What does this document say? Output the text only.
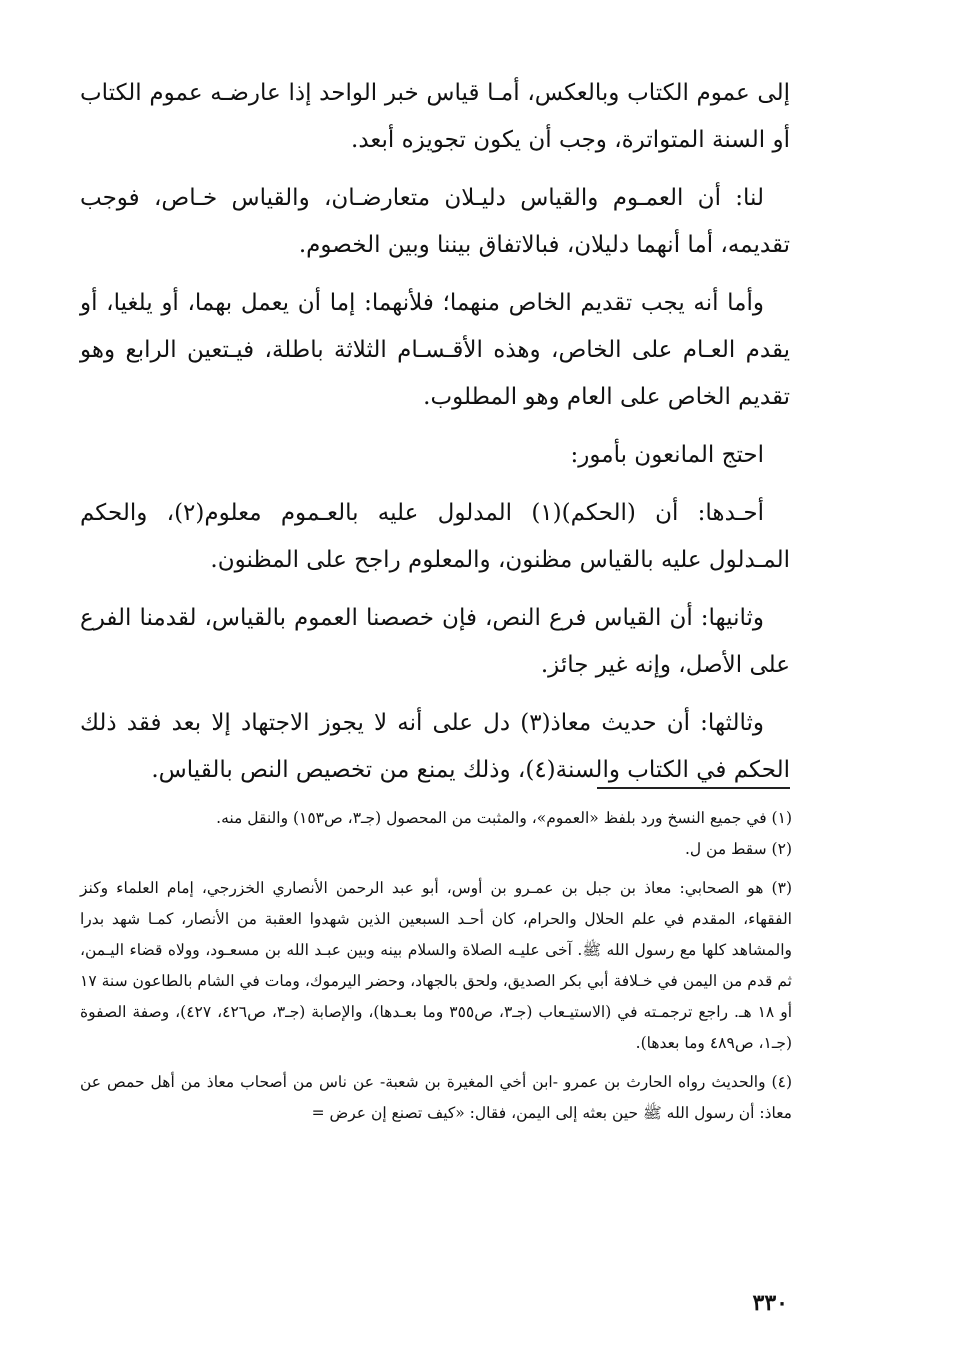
إلى عموم الكتاب وبالعكس، أمـا قياس خبر الواحد إذا عارضـه عموم الكتاب أو السنة المتواترة، وجب أن يكون تجويزه أبعد.

لنا: أن العمـوم والقياس دليـلان متعارضـان، والقياس خـاص، فوجب تقديمه، أما أنهما دليلان، فبالاتفاق بيننا وبين الخصوم.

وأما أنه يجب تقديم الخاص منهما؛ فلأنهما: إما أن يعمل بهما، أو يلغيا، أو يقدم العـام على الخاص، وهذه الأقـسـام الثلاثة باطلة، فيـتعين الرابع وهو تقديم الخاص على العام وهو المطلوب.

احتج المانعون بأمور:

أحـدها: أن (الحكم)(١) المدلول عليه بالعـموم معلوم(٢)، والحكم المـدلول عليه بالقياس مظنون، والمعلوم راجح على المظنون.

وثانيها: أن القياس فرع النص، فإن خصصنا العموم بالقياس، لقدمنا الفرع على الأصل، وإنه غير جائز.

وثالثها: أن حديث معاذ(٣) دل على أنه لا يجوز الاجتهاد إلا بعد فقد ذلك الحكم في الكتاب والسنة(٤)، وذلك يمنع من تخصيص النص بالقياس.

(١) في جميع النسخ ورد بلفظ «العموم»، والمثبت من المحصول (جـ٣، ص١٥٣) والنقل منه.

(٢) سقط من ل.

(٣) هو الصحابي: معاذ بن جبل بن عمـرو بن أوس، أبو عبد الرحمن الأنصاري الخزرجي، إمام العلماء وكنز الفقهاء، المقدم في علم الحلال والحرام، كان أحـد السبعين الذين شهدوا العقبة من الأنصار، كمـا شهد بدرا والمشاهد كلها مع رسول الله ﷺ. آخى عليـه الصلاة والسلام بينه وبين عبـد الله بن مسعـود، وولاه قضاء اليـمن، ثم قدم من اليمن في خـلافة أبي بكر الصديق، ولحق بالجهاد، وحضر اليرموك، ومات في الشام بالطاعون سنة ١٧ أو ١٨ هـ. راجع ترجمـته في (الاستيـعاب (جـ٣، ص٣٥٥ وما بعـدها)، والإصابة (جـ٣، ص٤٢٦، ٤٢٧)، وصفة الصفوة (جـ١، ص٤٨٩ وما بعدها).

(٤) والحديث رواه الحارث بن عمرو -ابن أخي المغيرة بن شعبة- عن ناس من أصحاب معاذ من أهل حمص عن معاذ: أن رسول الله ﷺ حين بعثه إلى اليمن، فقال: «كيف تصنع إن عرض =

٣٣٠
